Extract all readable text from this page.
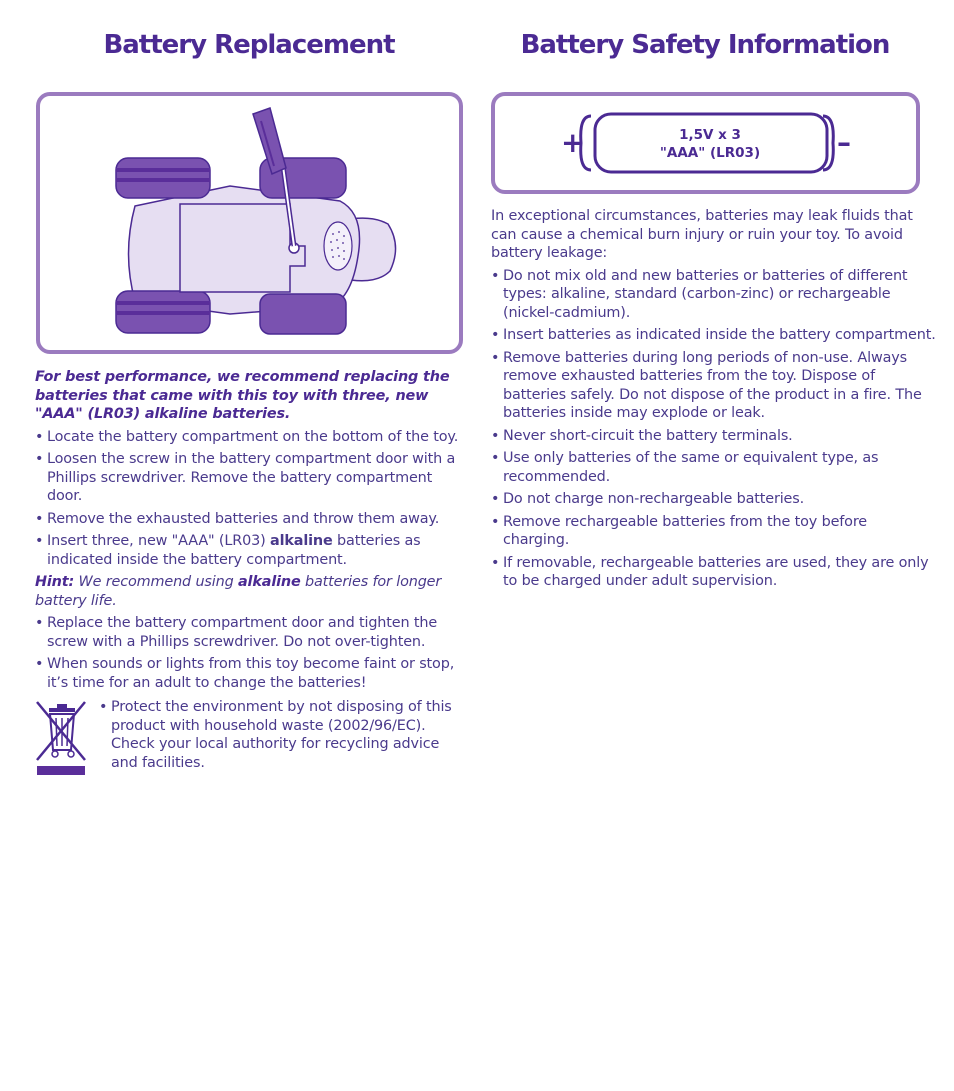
Battery Replacement	Battery Safety Information
+	–
1,5V x 3
"AAA" (LR03)

For best performance, we recommend replacing the batteries that came with this toy with three, new "AAA" (LR03) alkaline batteries.

• Locate the battery compartment on the bottom of the toy.
• Loosen the screw in the battery compartment door with a Phillips screwdriver. Remove the battery compartment door.
• Remove the exhausted batteries and throw them away.
• Insert three, new "AAA" (LR03) alkaline batteries as indicated inside the battery compartment.

Hint: We recommend using alkaline batteries for longer battery life.

• Replace the battery compartment door and tighten the screw with a Phillips screwdriver. Do not over-tighten.
• When sounds or lights from this toy become faint or stop, it’s time for an adult to change the batteries!
• Protect the environment by not disposing of this product with household waste (2002/96/EC). Check your local authority for recycling advice and facilities.

In exceptional circumstances, batteries may leak fluids that can cause a chemical burn injury or ruin your toy. To avoid battery leakage:

• Do not mix old and new batteries or batteries of different types: alkaline, standard (carbon-zinc) or rechargeable (nickel-cadmium).
• Insert batteries as indicated inside the battery compartment.
• Remove batteries during long periods of non-use. Always remove exhausted batteries from the toy. Dispose of batteries safely. Do not dispose of the product in a fire. The batteries inside may explode or leak.
• Never short-circuit the battery terminals.
• Use only batteries of the same or equivalent type, as recommended.
• Do not charge non-rechargeable batteries.
• Remove rechargeable batteries from the toy before charging.
• If removable, rechargeable batteries are used, they are only to be charged under adult supervision.
